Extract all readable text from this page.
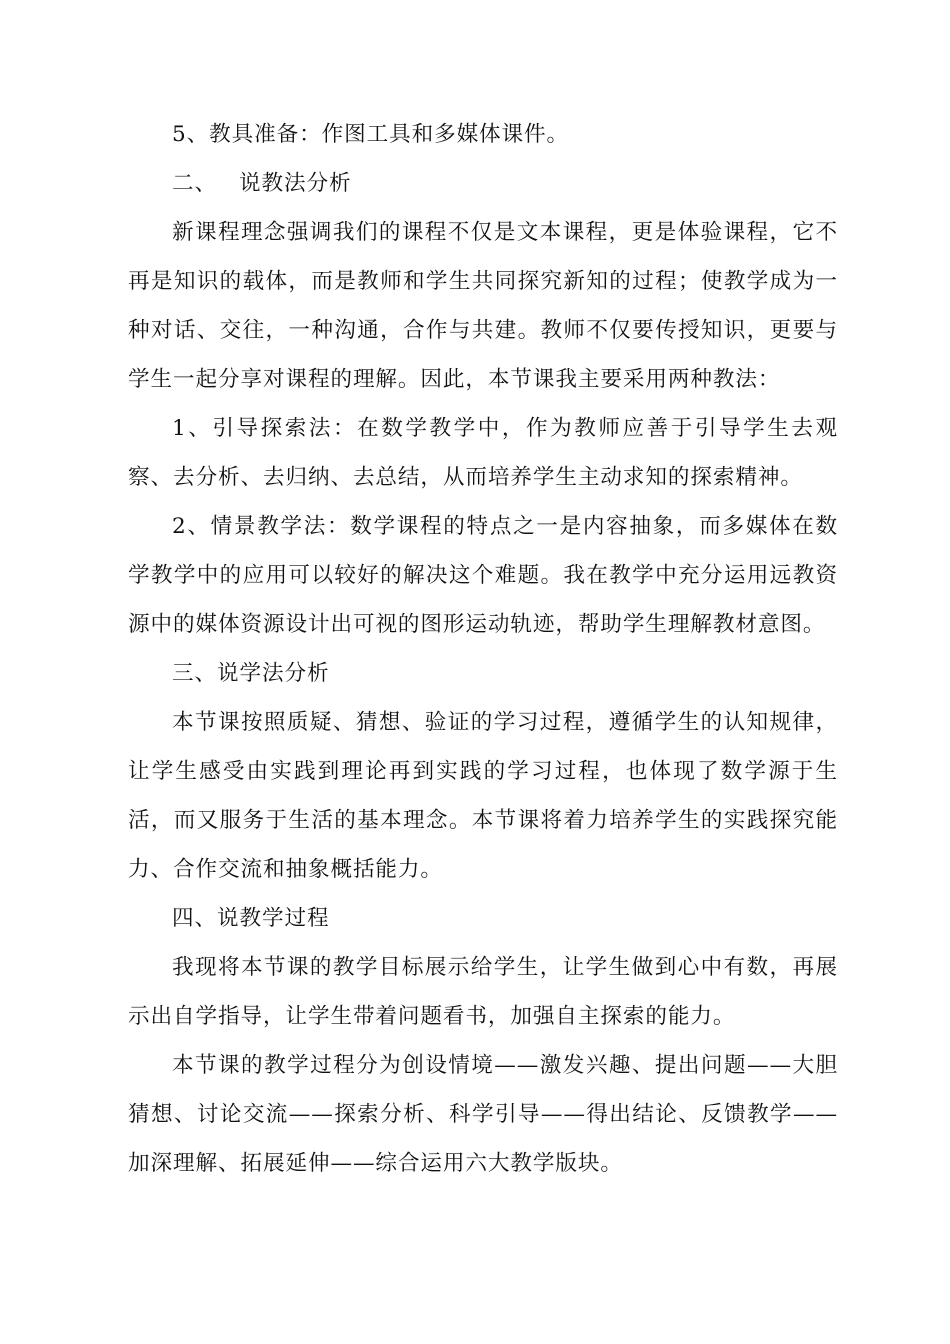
5、教具准备：作图工具和多媒体课件。

二、 说教法分析

新课程理念强调我们的课程不仅是文本课程，更是体验课程，它不再是知识的载体，而是教师和学生共同探究新知的过程；使教学成为一种对话、交往，一种沟通，合作与共建。教师不仅要传授知识，更要与学生一起分享对课程的理解。因此，本节课我主要采用两种教法：

1、引导探索法：在数学教学中，作为教师应善于引导学生去观察、去分析、去归纳、去总结，从而培养学生主动求知的探索精神。

2、情景教学法：数学课程的特点之一是内容抽象，而多媒体在数学教学中的应用可以较好的解决这个难题。我在教学中充分运用远教资源中的媒体资源设计出可视的图形运动轨迹，帮助学生理解教材意图。

三、说学法分析

本节课按照质疑、猜想、验证的学习过程，遵循学生的认知规律，让学生感受由实践到理论再到实践的学习过程，也体现了数学源于生活，而又服务于生活的基本理念。本节课将着力培养学生的实践探究能力、合作交流和抽象概括能力。

四、说教学过程

我现将本节课的教学目标展示给学生，让学生做到心中有数，再展示出自学指导，让学生带着问题看书，加强自主探索的能力。

本节课的教学过程分为创设情境——激发兴趣、提出问题——大胆猜想、讨论交流——探索分析、科学引导——得出结论、反馈教学——加深理解、拓展延伸——综合运用六大教学版块。
